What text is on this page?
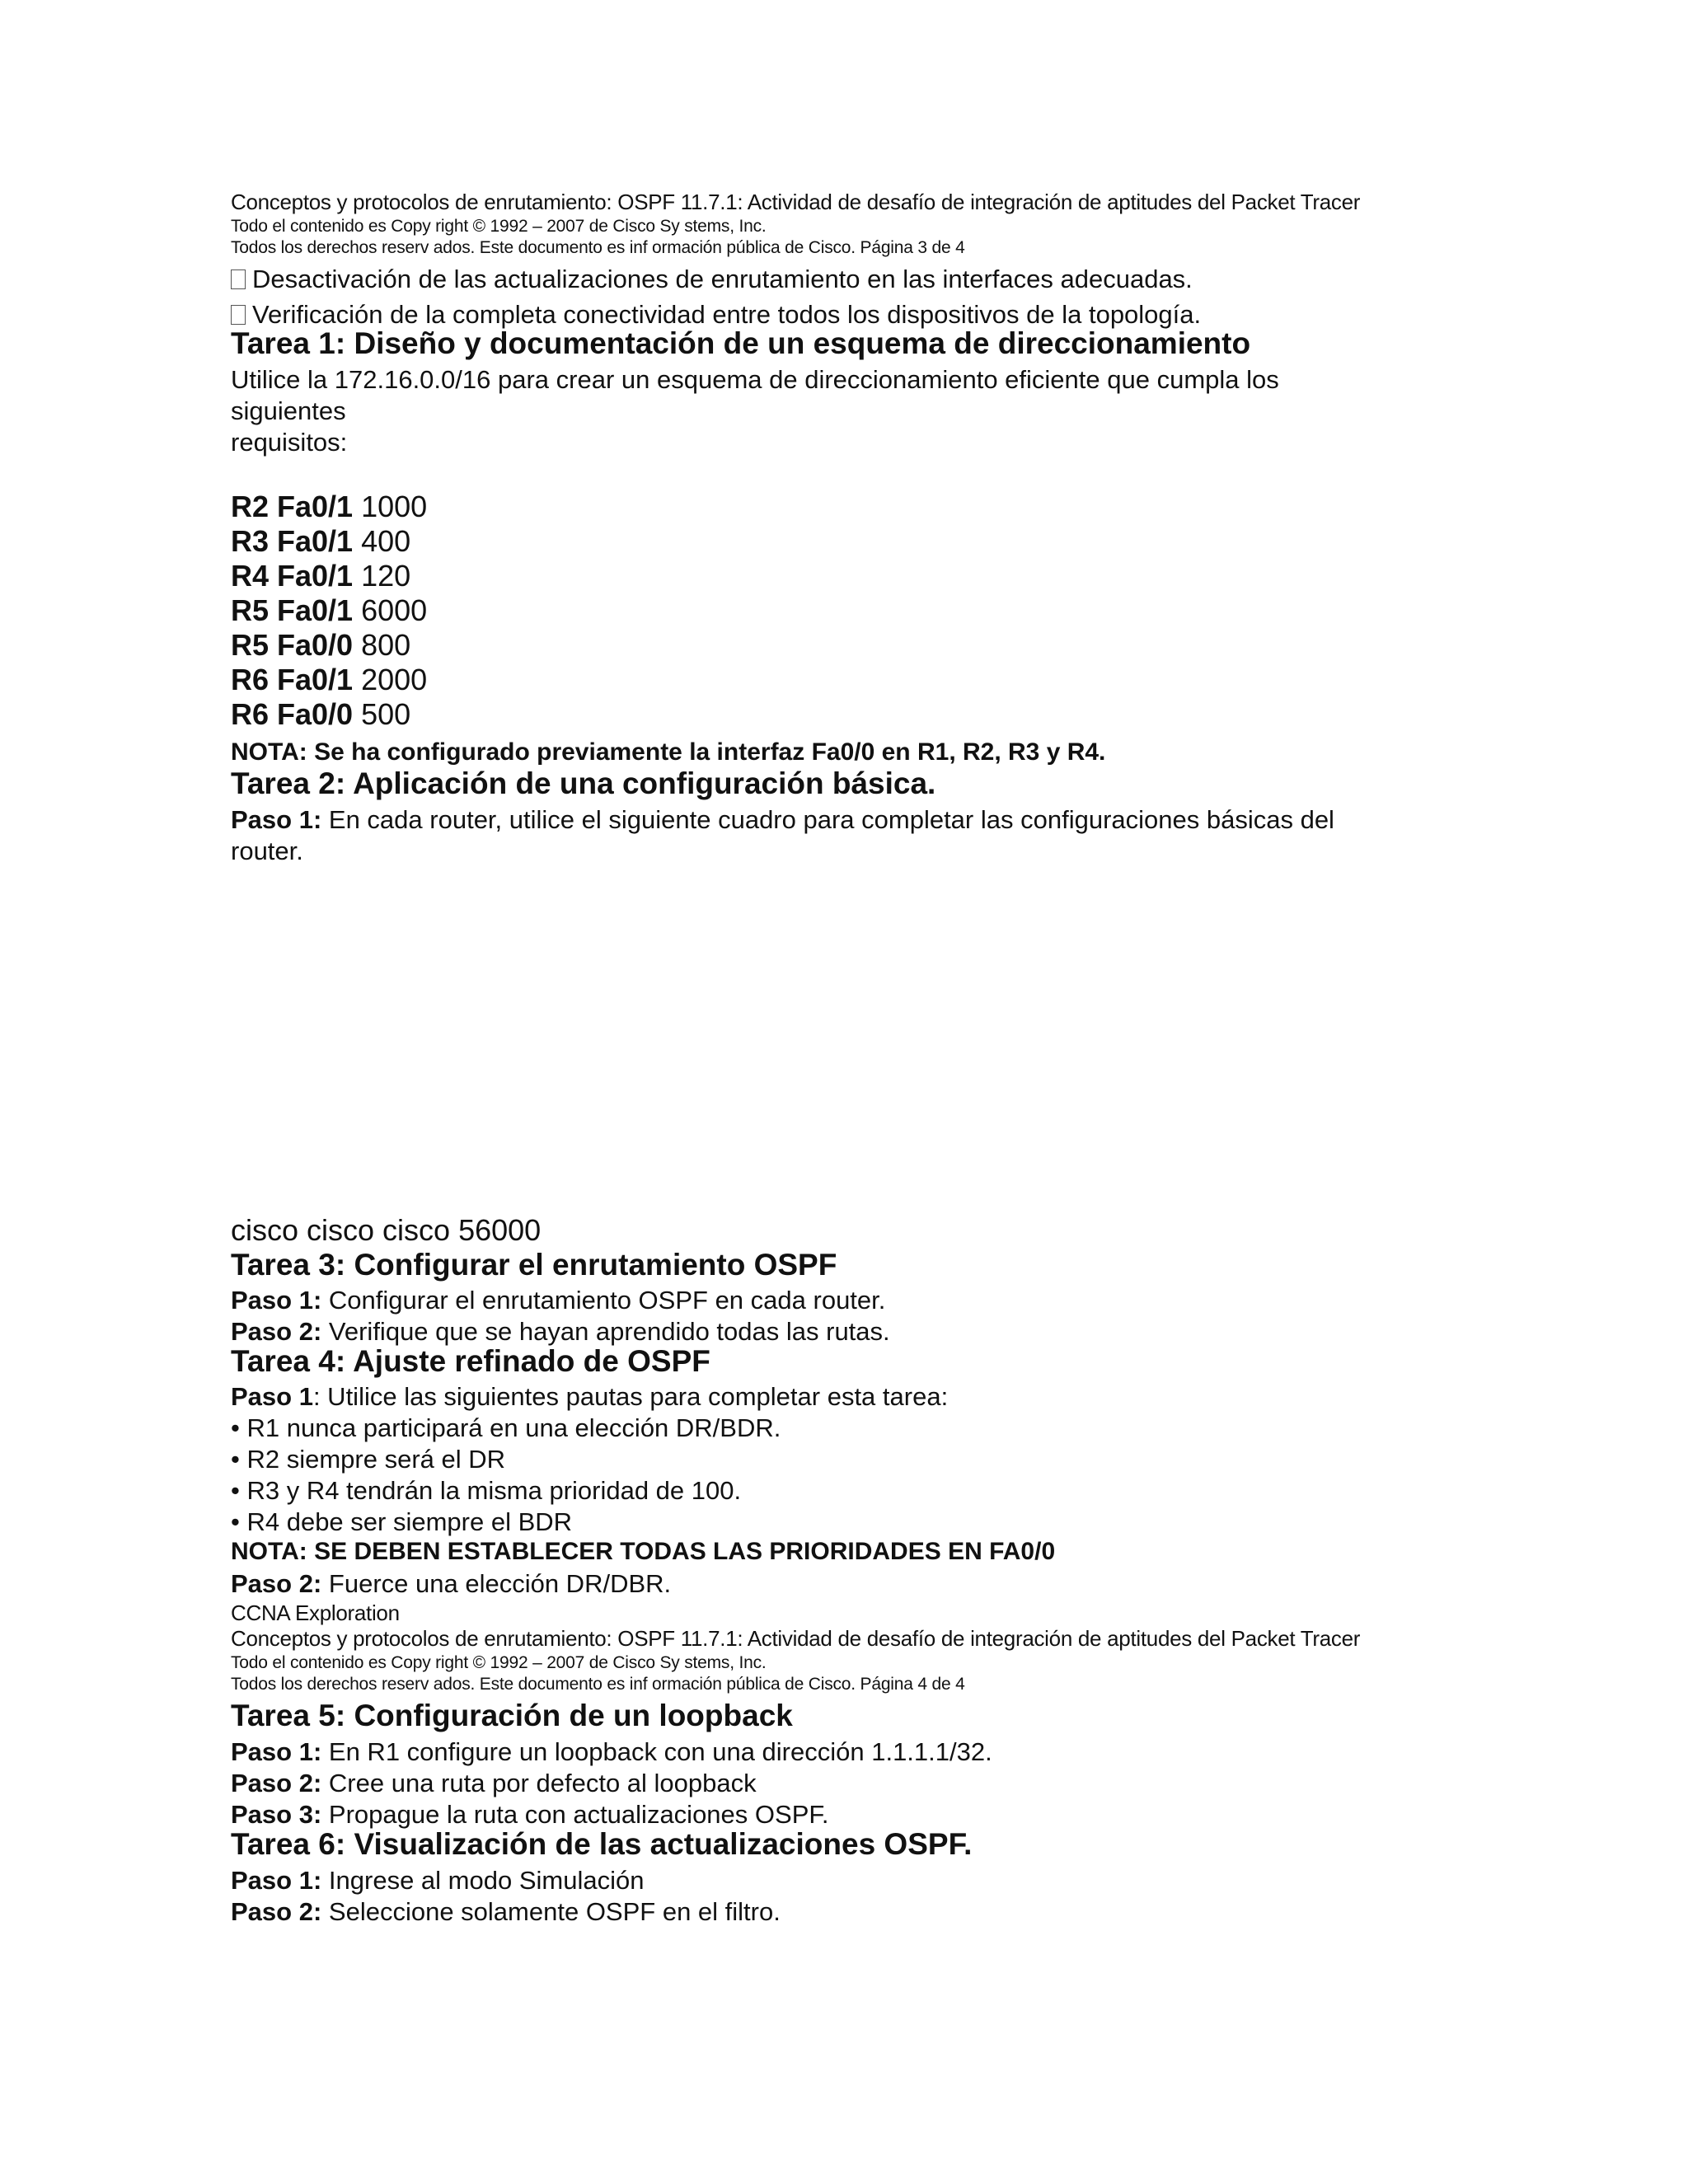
Conceptos y protocolos de enrutamiento: OSPF 11.7.1: Actividad de desafío de integración de aptitudes del Packet Tracer
Todo el contenido es Copy right © 1992 – 2007 de Cisco Sy stems, Inc.
Todos los derechos reserv ados. Este documento es inf ormación pública de Cisco. Página 3 de 4
Desactivación de las actualizaciones de enrutamiento en las interfaces adecuadas.
Verificación de la completa conectividad entre todos los dispositivos de la topología.
Tarea 1: Diseño y documentación de un esquema de direccionamiento
Utilice la 172.16.0.0/16 para crear un esquema de direccionamiento eficiente que cumpla los
siguientes
requisitos:
R2 Fa0/1 1000
R3 Fa0/1 400
R4 Fa0/1 120
R5 Fa0/1 6000
R5 Fa0/0 800
R6 Fa0/1 2000
R6 Fa0/0 500
NOTA: Se ha configurado previamente la interfaz Fa0/0 en R1, R2, R3 y R4.
Tarea 2: Aplicación de una configuración básica.
Paso 1: En cada router, utilice el siguiente cuadro para completar las configuraciones básicas del
router.
cisco cisco cisco 56000
Tarea 3: Configurar el enrutamiento OSPF
Paso 1: Configurar el enrutamiento OSPF en cada router.
Paso 2: Verifique que se hayan aprendido todas las rutas.
Tarea 4: Ajuste refinado de OSPF
Paso 1: Utilice las siguientes pautas para completar esta tarea:
• R1 nunca participará en una elección DR/BDR.
• R2 siempre será el DR
• R3 y R4 tendrán la misma prioridad de 100.
• R4 debe ser siempre el BDR
NOTA: SE DEBEN ESTABLECER TODAS LAS PRIORIDADES EN FA0/0
Paso 2: Fuerce una elección DR/DBR.
CCNA Exploration
Conceptos y protocolos de enrutamiento: OSPF 11.7.1: Actividad de desafío de integración de aptitudes del Packet Tracer
Todo el contenido es Copy right © 1992 – 2007 de Cisco Sy stems, Inc.
Todos los derechos reserv ados. Este documento es inf ormación pública de Cisco. Página 4 de 4
Tarea 5: Configuración de un loopback
Paso 1: En R1 configure un loopback con una dirección 1.1.1.1/32.
Paso 2: Cree una ruta por defecto al loopback
Paso 3: Propague la ruta con actualizaciones OSPF.
Tarea 6: Visualización de las actualizaciones OSPF.
Paso 1: Ingrese al modo Simulación
Paso 2: Seleccione solamente OSPF en el filtro.
